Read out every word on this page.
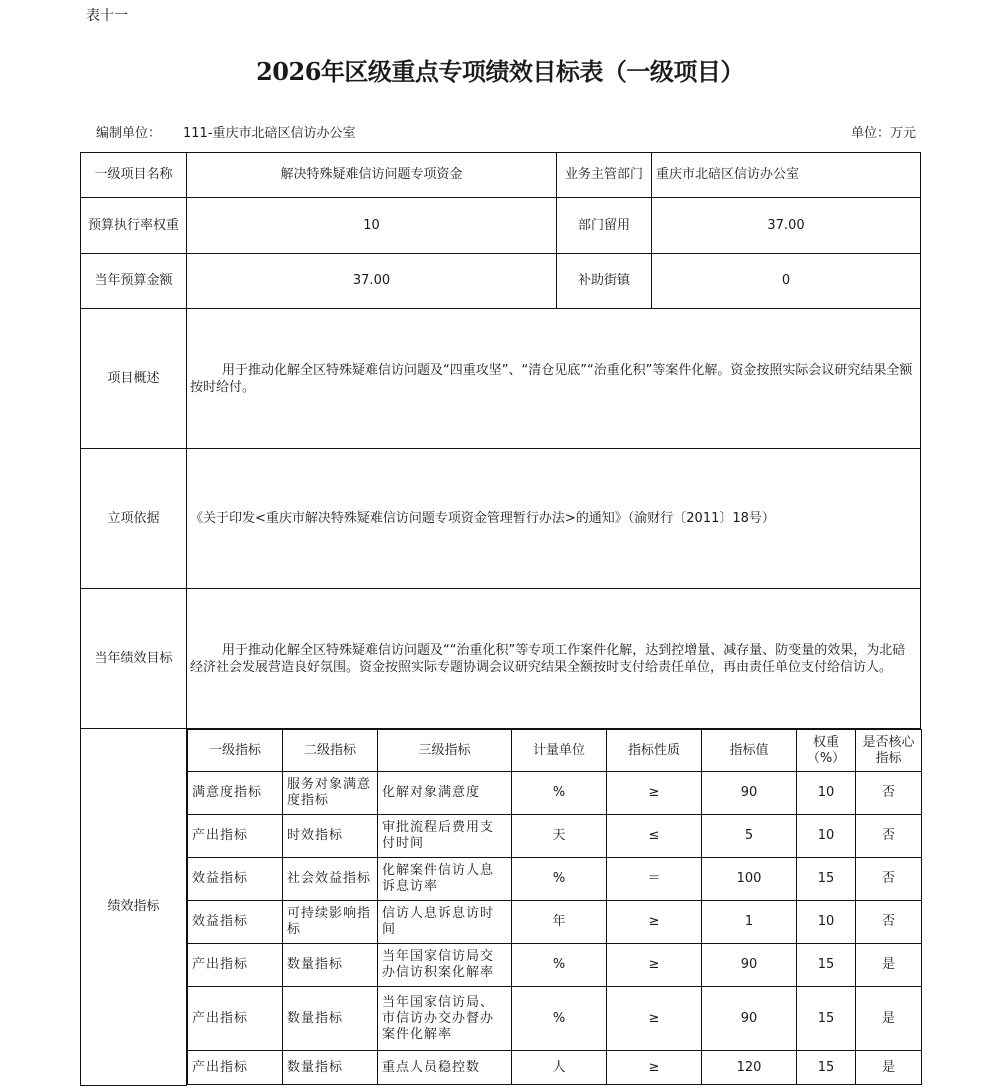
表十一
2026年区级重点专项绩效目标表（一级项目）
编制单位： 111-重庆市北碚区信访办公室	单位：万元
一级项目名称	解决特殊疑难信访问题专项资金	业务主管部门	重庆市北碚区信访办公室
预算执行率权重	10	部门留用	37.00
当年预算金额	37.00	补助街镇	0
项目概述	用于推动化解全区特殊疑难信访问题及“四重攻坚”、“清仓见底”“治重化积”等案件化解。资金按照实际会议研究结果全额按时给付。
立项依据	《关于印发<重庆市解决特殊疑难信访问题专项资金管理暂行办法>的通知》（渝财行〔2011〕18号）
当年绩效目标	用于推动化解全区特殊疑难信访问题及““治重化积”等专项工作案件化解，达到控增量、减存量、防变量的效果，为北碚经济社会发展营造良好氛围。资金按照实际专题协调会议研究结果全额按时支付给责任单位，再由责任单位支付给信访人。
绩效指标	
一级指标	二级指标	三级指标	计量单位	指标性质	指标值	权重（%）	是否核心指标
满意度指标	服务对象满意度指标	化解对象满意度	%	≥	90	10	否
产出指标	时效指标	审批流程后费用支付时间	天	≤	5	10	否
效益指标	社会效益指标	化解案件信访人息诉息访率	%	＝	100	15	否
效益指标	可持续影响指标	信访人息诉息访时间	年	≥	1	10	否
产出指标	数量指标	当年国家信访局交办信访积案化解率	%	≥	90	15	是
产出指标	数量指标	当年国家信访局、市信访办交办督办案件化解率	%	≥	90	15	是
产出指标	数量指标	重点人员稳控数	人	≥	120	15	是
